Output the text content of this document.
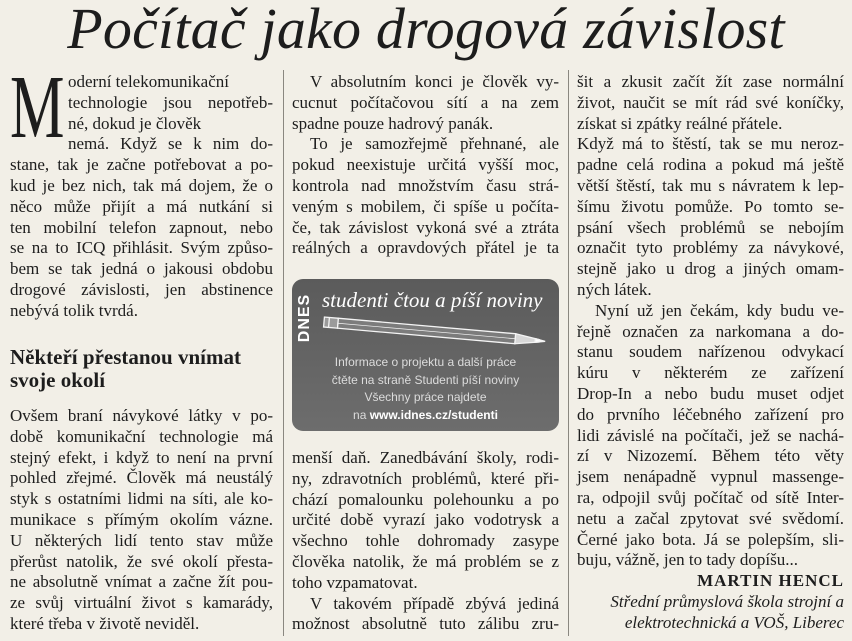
Počítač jako drogová závislost
M oderní telekomunikační
technologie jsou nepotřeb-
né, dokud je člověk
nemá. Když se k nim do-
stane, tak je začne potřebovat a po-
kud je bez nich, tak má dojem, že o
něco může přijít a má nutkání si
ten mobilní telefon zapnout, nebo
se na to ICQ přihlásit. Svým způso-
bem se tak jedná o jakousi obdobu
drogové závislosti, jen abstinence
nebývá tolik tvrdá.
Někteří přestanou vnímat
svoje okolí
Ovšem braní návykové látky v po-
době komunikační technologie má
stejný efekt, i když to není na první
pohled zřejmé. Člověk má neustálý
styk s ostatními lidmi na síti, ale ko-
munikace s přímým okolím vázne.
U některých lidí tento stav může
přerůst natolik, že své okolí přesta-
ne absolutně vnímat a začne žít pou-
ze svůj virtuální život s kamarády,
které třeba v životě neviděl.
V absolutním konci je člověk vy-
cucnut počítačovou sítí a na zem
spadne pouze hadrový panák.
To je samozřejmě přehnané, ale
pokud neexistuje určitá vyšší moc,
kontrola nad množstvím času strá-
veným s mobilem, či spíše u počíta-
če, tak závislost vykoná své a ztráta
reálných a opravdových přátel je ta
DNES studenti čtou a píší noviny
Informace o projektu a další práce
čtěte na straně Studenti píší noviny
Všechny práce najdete
na www.idnes.cz/studenti
menší daň. Zanedbávání školy, rodi-
ny, zdravotních problémů, které při-
chází pomalounku polehounku a po
určité době vyrazí jako vodotrysk a
všechno tohle dohromady zasype
člověka natolik, že má problém se z
toho vzpamatovat.
V takovém případě zbývá jediná
možnost absolutně tuto zálibu zru-
šit a zkusit začít žít zase normální
život, naučit se mít rád své koníčky,
získat si zpátky reálné přátele.
Když má to štěstí, tak se mu neroz-
padne celá rodina a pokud má ještě
větší štěstí, tak mu s návratem k lep-
šímu životu pomůže. Po tomto se-
psání všech problémů se nebojím
označit tyto problémy za návykové,
stejně jako u drog a jiných omam-
ných látek.
Nyní už jen čekám, kdy budu ve-
řejně označen za narkomana a do-
stanu soudem nařízenou odvykací
kúru v některém ze zařízení
Drop-In a nebo budu muset odjet
do prvního léčebného zařízení pro
lidi závislé na počítači, jež se nachá-
zí v Nizozemí. Během této věty
jsem nenápadně vypnul massenge-
ra, odpojil svůj počítač od sítě Inter-
netu a začal zpytovat své svědomí.
Černé jako bota. Já se polepším, sli-
buju, vážně, jen to tady dopíšu...
MARTIN HENCL
Střední průmyslová škola strojní a
elektrotechnická a VOŠ, Liberec
